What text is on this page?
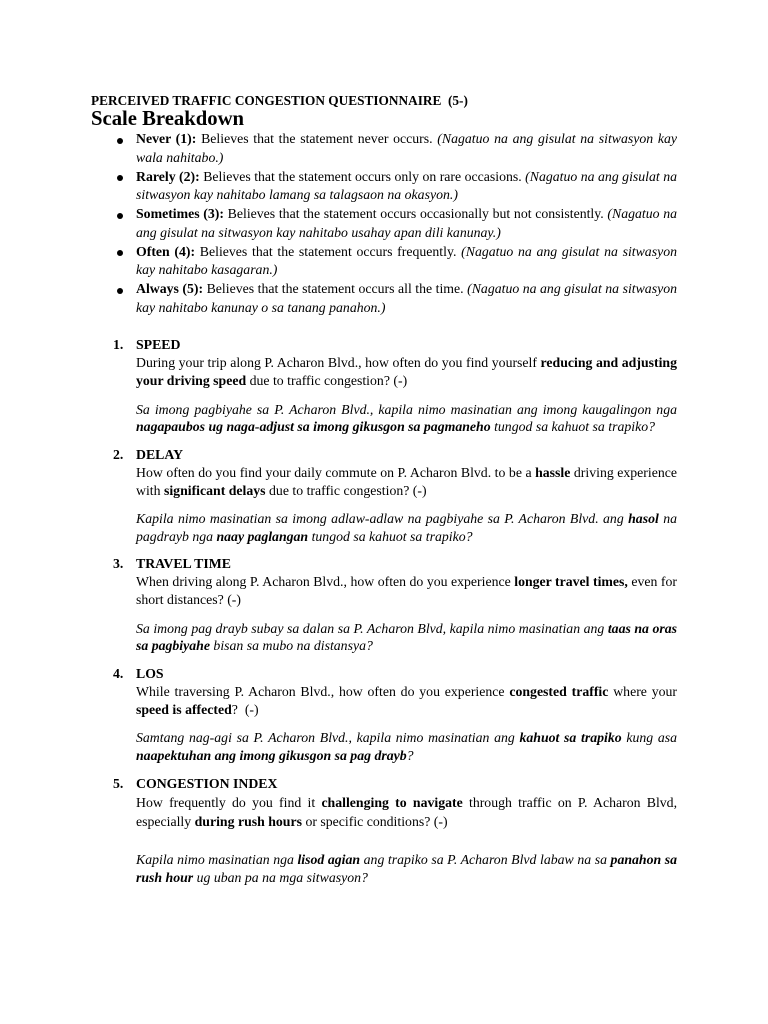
PERCEIVED TRAFFIC CONGESTION QUESTIONNAIRE  (5-)
Scale Breakdown
Never (1): Believes that the statement never occurs. (Nagatuo na ang gisulat na sitwasyon kay wala nahitabo.)
Rarely (2): Believes that the statement occurs only on rare occasions. (Nagatuo na ang gisulat na sitwasyon kay nahitabo lamang sa talagsaon na okasyon.)
Sometimes (3): Believes that the statement occurs occasionally but not consistently. (Nagatuo na ang gisulat na sitwasyon kay nahitabo usahay apan dili kanunay.)
Often (4): Believes that the statement occurs frequently. (Nagatuo na ang gisulat na sitwasyon kay nahitabo kasagaran.)
Always (5): Believes that the statement occurs all the time. (Nagatuo na ang gisulat na sitwasyon kay nahitabo kanunay o sa tanang panahon.)
1. SPEED

During your trip along P. Acharon Blvd., how often do you find yourself reducing and adjusting your driving speed due to traffic congestion? (-)

Sa imong pagbiyahe sa P. Acharon Blvd., kapila nimo masinatian ang imong kaugalingon nga nagapaubos ug naga-adjust sa imong gikusgon sa pagmaneho tungod sa kahuot sa trapiko?

2. DELAY

How often do you find your daily commute on P. Acharon Blvd. to be a hassle driving experience with significant delays due to traffic congestion? (-)

Kapila nimo masinatian sa imong adlaw-adlaw na pagbiyahe sa P. Acharon Blvd. ang hasol na pagdrayb nga naay paglangan tungod sa kahuot sa trapiko?

3. TRAVEL TIME

When driving along P. Acharon Blvd., how often do you experience longer travel times, even for short distances? (-)

Sa imong pag drayb subay sa dalan sa P. Acharon Blvd, kapila nimo masinatian ang taas na oras sa pagbiyahe bisan sa mubo na distansya?

4. LOS

While traversing P. Acharon Blvd., how often do you experience congested traffic where your speed is affected?  (-)

Samtang nag-agi sa P. Acharon Blvd., kapila nimo masinatian ang kahuot sa trapiko kung asa naapektuhan ang imong gikusgon sa pag drayb?

5. CONGESTION INDEX

How frequently do you find it challenging to navigate through traffic on P. Acharon Blvd, especially during rush hours or specific conditions? (-)

Kapila nimo masinatian nga lisod agian ang trapiko sa P. Acharon Blvd labaw na sa panahon sa  rush hour ug uban pa na mga sitwasyon?
